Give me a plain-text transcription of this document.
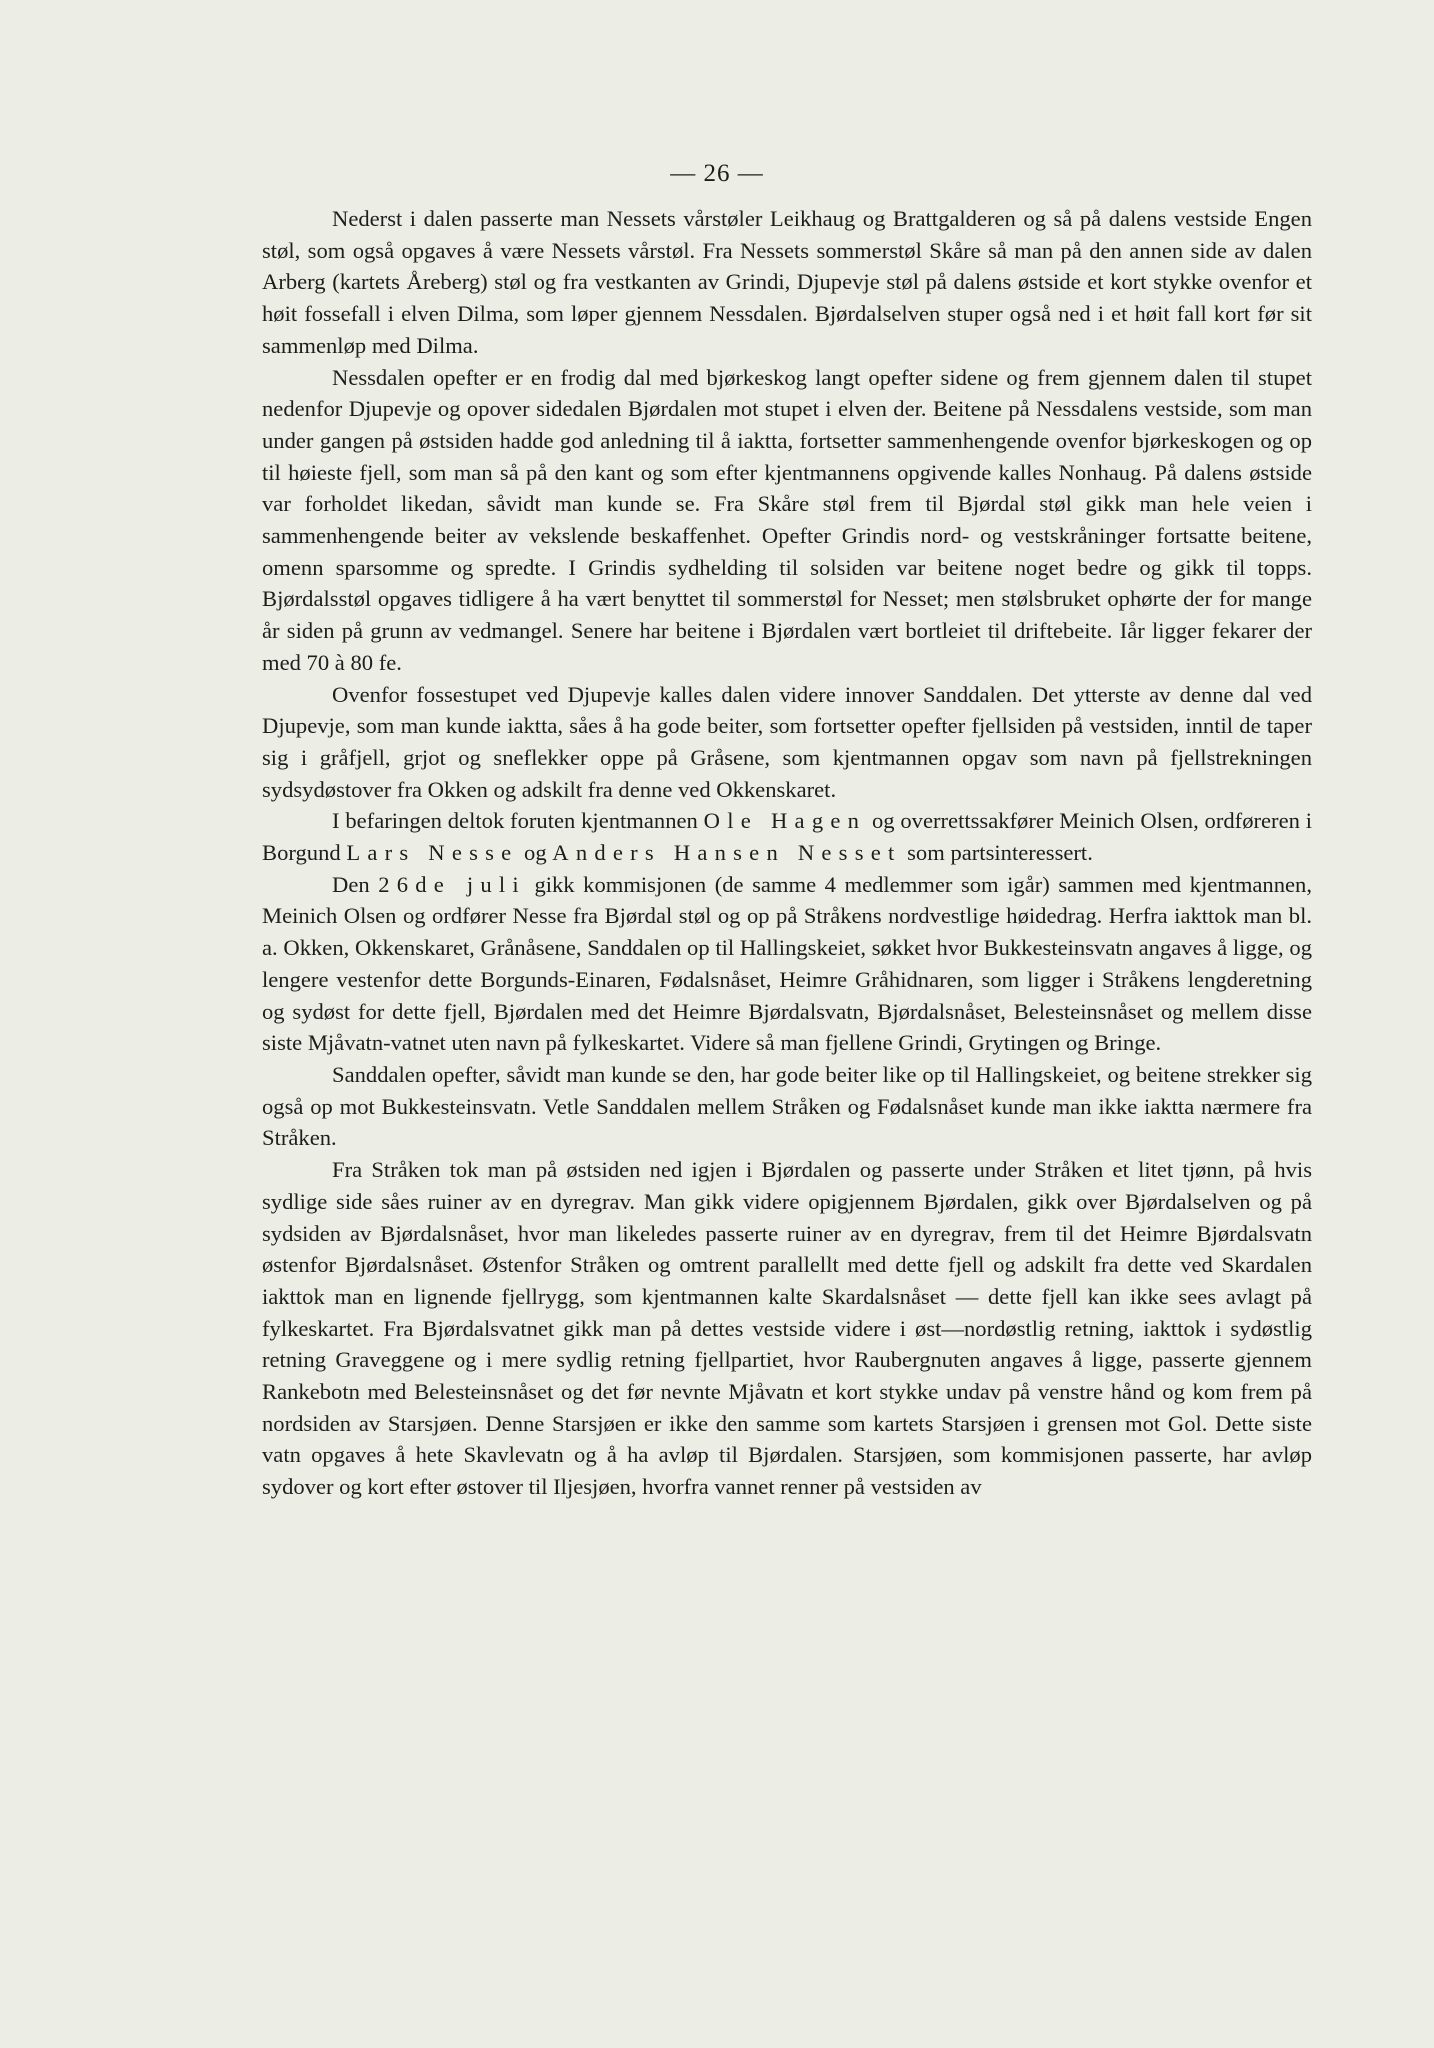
— 26 —

Nederst i dalen passerte man Nessets vårstøler Leikhaug og Brattgalderen og så på dalens vestside Engen støl, som også opgaves å være Nessets vårstøl. Fra Nessets sommerstøl Skåre så man på den annen side av dalen Arberg (kartets Åreberg) støl og fra vestkanten av Grindi, Djupevje støl på dalens østside et kort stykke ovenfor et høit fossefall i elven Dilma, som løper gjennem Nessdalen. Bjørdalselven stuper også ned i et høit fall kort før sit sammenløp med Dilma.

Nessdalen opefter er en frodig dal med bjørkeskog langt opefter sidene og frem gjennem dalen til stupet nedenfor Djupevje og opover sidedalen Bjørdalen mot stupet i elven der. Beitene på Nessdalens vestside, som man under gangen på østsiden hadde god anledning til å iaktta, fortsetter sammenhengende ovenfor bjørkeskogen og op til høieste fjell, som man så på den kant og som efter kjentmannens opgivende kalles Nonhaug. På dalens østside var forholdet likedan, såvidt man kunde se. Fra Skåre støl frem til Bjørdal støl gikk man hele veien i sammenhengende beiter av vekslende beskaffenhet. Opefter Grindis nord- og vestskråninger fortsatte beitene, omenn sparsomme og spredte. I Grindis sydhelding til solsiden var beitene noget bedre og gikk til topps. Bjørdalsstøl opgaves tidligere å ha vært benyttet til sommerstøl for Nesset; men stølsbruket ophørte der for mange år siden på grunn av vedmangel. Senere har beitene i Bjørdalen vært bortleiet til driftebeite. Iår ligger fekarer der med 70 à 80 fe.

Ovenfor fossestupet ved Djupevje kalles dalen videre innover Sanddalen. Det ytterste av denne dal ved Djupevje, som man kunde iaktta, såes å ha gode beiter, som fortsetter opefter fjellsiden på vestsiden, inntil de taper sig i gråfjell, grjot og sneflekker oppe på Gråsene, som kjentmannen opgav som navn på fjellstrekningen sydsydøstover fra Okken og adskilt fra denne ved Okkenskaret.

I befaringen deltok foruten kjentmannen Ole Hagen og overrettssakfører Meinich Olsen, ordføreren i Borgund Lars Nesse og Anders Hansen Nesset som partsinteressert.

Den 26de juli gikk kommisjonen (de samme 4 medlemmer som igår) sammen med kjentmannen, Meinich Olsen og ordfører Nesse fra Bjørdal støl og op på Stråkens nordvestlige høidedrag. Herfra iakttok man bl. a. Okken, Okkenskaret, Grånåsene, Sanddalen op til Hallingskeiet, søkket hvor Bukkesteinsvatn angaves å ligge, og lengere vestenfor dette Borgunds-Einaren, Fødalsnåset, Heimre Gråhidnaren, som ligger i Stråkens lengderetning og sydøst for dette fjell, Bjørdalen med det Heimre Bjørdalsvatn, Bjørdalsnåset, Belesteinsnåset og mellem disse siste Mjåvatn-vatnet uten navn på fylkeskartet. Videre så man fjellene Grindi, Grytingen og Bringe.

Sanddalen opefter, såvidt man kunde se den, har gode beiter like op til Hallingskeiet, og beitene strekker sig også op mot Bukkesteinsvatn. Vetle Sanddalen mellem Stråken og Fødalsnåset kunde man ikke iaktta nærmere fra Stråken.

Fra Stråken tok man på østsiden ned igjen i Bjørdalen og passerte under Stråken et litet tjønn, på hvis sydlige side såes ruiner av en dyregrav. Man gikk videre opigjennem Bjørdalen, gikk over Bjørdalselven og på sydsiden av Bjørdalsnåset, hvor man likeledes passerte ruiner av en dyregrav, frem til det Heimre Bjørdalsvatn østenfor Bjørdalsnåset. Østenfor Stråken og omtrent parallellt med dette fjell og adskilt fra dette ved Skardalen iakttok man en lignende fjellrygg, som kjentmannen kalte Skardalsnåset — dette fjell kan ikke sees avlagt på fylkeskartet. Fra Bjørdalsvatnet gikk man på dettes vestside videre i øst—nordøstlig retning, iakttok i sydøstlig retning Graveggene og i mere sydlig retning fjellpartiet, hvor Raubergnuten angaves å ligge, passerte gjennem Rankebotn med Belesteinsnåset og det før nevnte Mjåvatn et kort stykke undav på venstre hånd og kom frem på nordsiden av Starsjøen. Denne Starsjøen er ikke den samme som kartets Starsjøen i grensen mot Gol. Dette siste vatn opgaves å hete Skavlevatn og å ha avløp til Bjørdalen. Starsjøen, som kommisjonen passerte, har avløp sydover og kort efter østover til Iljesjøen, hvorfra vannet renner på vestsiden av
